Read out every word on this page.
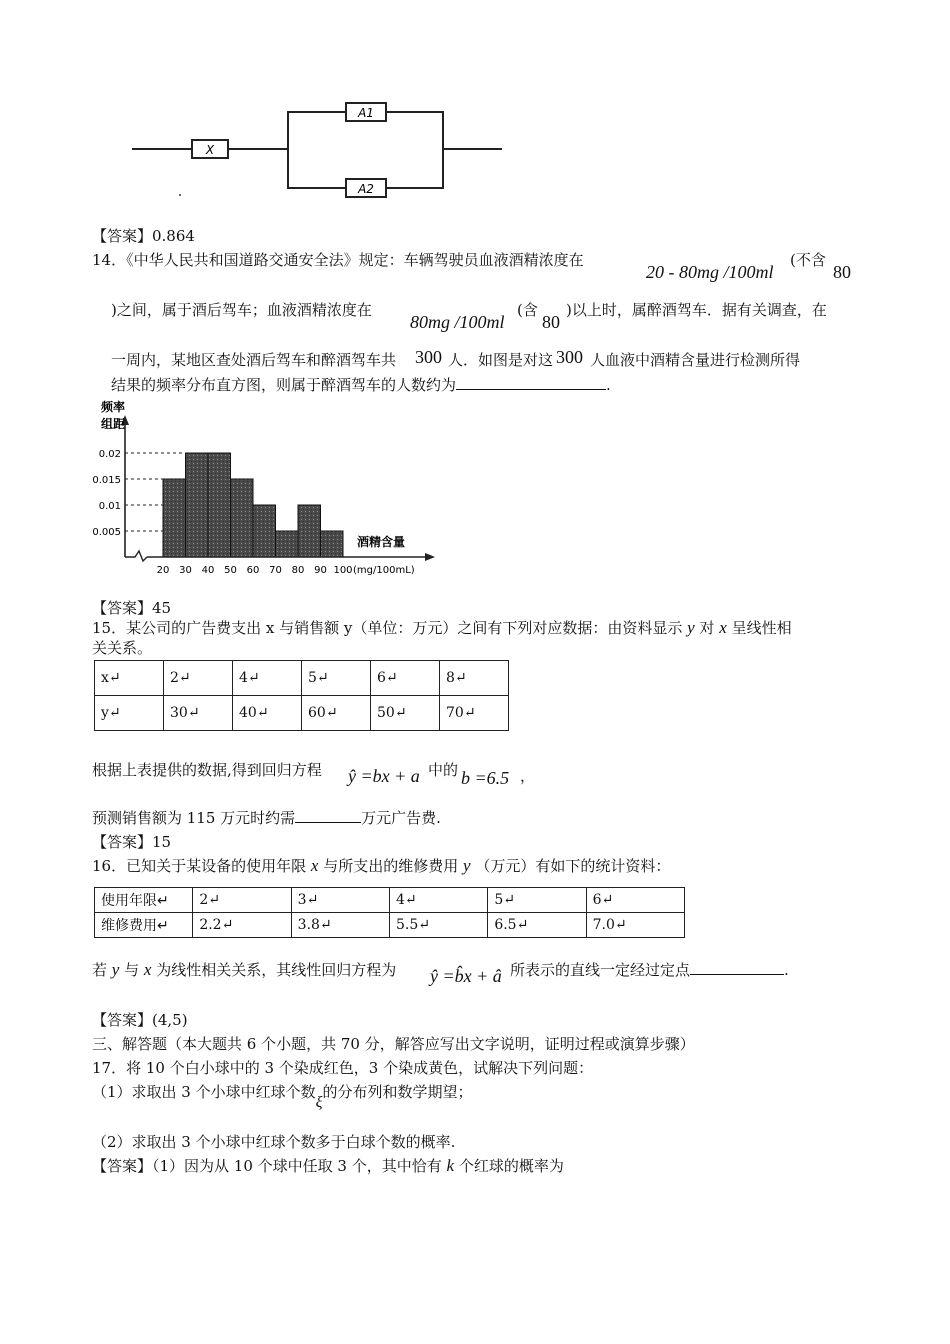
X
A1
A2
【答案】0.864
14．《中华人民共和国道路交通安全法》规定：车辆驾驶员血液酒精浓度在
20 - 80mg /100ml
(不含
80
)之间，属于酒后驾车；血液酒精浓度在
80mg /100ml
(含
80
)以上时，属醉酒驾车．据有关调查，在
一周内，某地区查处酒后驾车和醉酒驾车共 300 人．如图是对这 300 人血液中酒精含量进行检测所得
结果的频率分布直方图，则属于醉酒驾车的人数约为	.
频率
组距
酒精含量
(mg/100mL)
0.02
0.015
0.01
0.005
20 30 40 50 60 70 80 90 100
【答案】45
15．某公司的广告费支出 x 与销售额 y（单位：万元）之间有下列对应数据：由资料显示 y 对 x 呈线性相
关关系。
x↵	2↵	4↵	5↵	6↵	8↵
y↵	30↵	40↵	60↵	50↵	70↵
根据上表提供的数据,得到回归方程 ŷ =bx + a 中的 b =6.5 ，
预测销售额为 115 万元时约需	万元广告费.
【答案】15
16．已知关于某设备的使用年限 x 与所支出的维修费用 y （万元）有如下的统计资料：
使用年限↵	2↵	3↵	4↵	5↵	6↵
维修费用↵	2.2↵	3.8↵	5.5↵	6.5↵	7.0↵
若 y 与 x 为线性相关关系，其线性回归方程为 ŷ =b̂x + â 所表示的直线一定经过定点	.
【答案】(4,5)
三、解答题（本大题共 6 个小题，共 70 分，解答应写出文字说明，证明过程或演算步骤）
17．将 10 个白小球中的 3 个染成红色，3 个染成黄色，试解决下列问题：
（1）求取出 3 个小球中红球个数ξ的分布列和数学期望；
（2）求取出 3 个小球中红球个数多于白球个数的概率.
【答案】（1）因为从 10 个球中任取 3 个，其中恰有 k 个红球的概率为
